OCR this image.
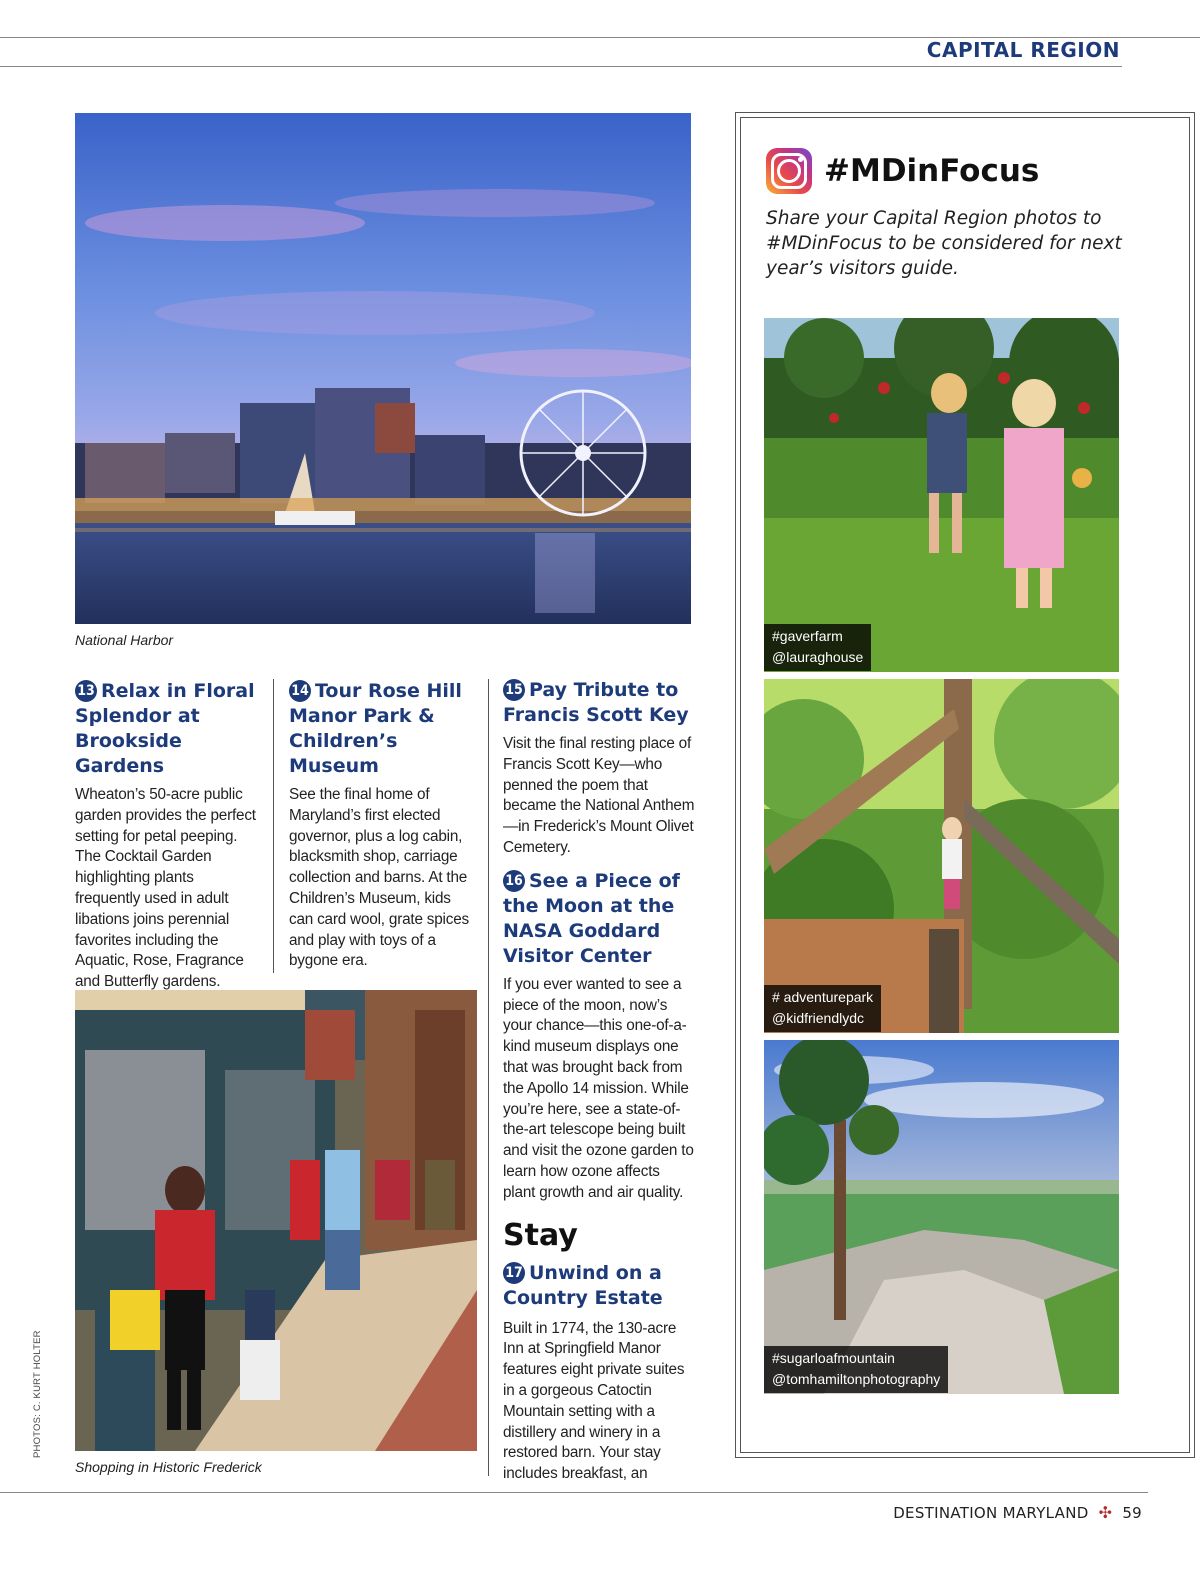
CAPITAL REGION
National Harbor
13 Relax in Floral Splendor at Brookside Gardens
Wheaton’s 50-acre public garden provides the perfect setting for petal peeping. The Cocktail Garden highlighting plants frequently used in adult libations joins perennial favorites including the Aquatic, Rose, Fragrance and Butterfly gardens.
14 Tour Rose Hill Manor Park & Children’s Museum
See the final home of Maryland’s first elected governor, plus a log cabin, blacksmith shop, carriage collection and barns. At the Children’s Museum, kids can card wool, grate spices and play with toys of a bygone era.
Shopping in Historic Frederick
15 Pay Tribute to Francis Scott Key
Visit the final resting place of Francis Scott Key—who penned the poem that became the National Anthem—in Frederick’s Mount Olivet Cemetery.
16 See a Piece of the Moon at the NASA Goddard Visitor Center
If you ever wanted to see a piece of the moon, now’s your chance—this one-of-a-kind museum displays one that was brought back from the Apollo 14 mission. While you’re here, see a state-of-the-art telescope being built and visit the ozone garden to learn how ozone affects plant growth and air quality.
Stay
17 Unwind on a Country Estate
Built in 1774, the 130-acre Inn at Springfield Manor features eight private suites in a gorgeous Catoctin Mountain setting with a distillery and winery in a restored barn. Your stay includes breakfast, an
#MDinFocus
Share your Capital Region photos to #MDinFocus to be considered for next year’s visitors guide.
#gaverfarm
@lauraghouse
# adventurepark
@kidfriendlydc
#sugarloafmountain
@tomhamiltonphotography
PHOTOS: C. KURT HOLTER
DESTINATION MARYLAND ✣ 59
